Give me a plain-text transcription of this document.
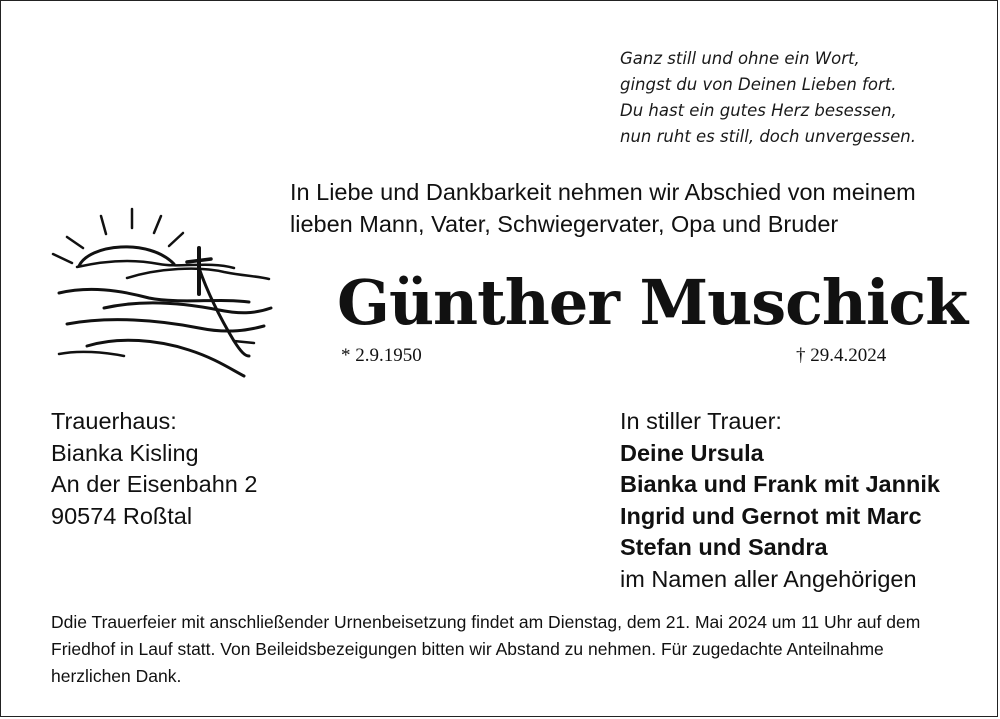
Ganz still und ohne ein Wort,
gingst du von Deinen Lieben fort.
Du hast ein gutes Herz besessen,
nun ruht es still, doch unvergessen.
In Liebe und Dankbarkeit nehmen wir Abschied von meinem
lieben Mann, Vater, Schwiegervater, Opa und Bruder
Günther Muschick
* 2.9.1950	† 29.4.2024
Trauerhaus:
Bianka Kisling
An der Eisenbahn 2
90574 Roßtal
In stiller Trauer:
Deine Ursula
Bianka und Frank mit Jannik
Ingrid und Gernot mit Marc
Stefan und Sandra
im Namen aller Angehörigen
Ddie Trauerfeier mit anschließender Urnenbeisetzung findet am Dienstag, dem 21. Mai 2024 um 11 Uhr auf dem Friedhof in Lauf statt. Von Beileidsbezeigungen bitten wir Abstand zu nehmen. Für zugedachte Anteilnahme herzlichen Dank.
